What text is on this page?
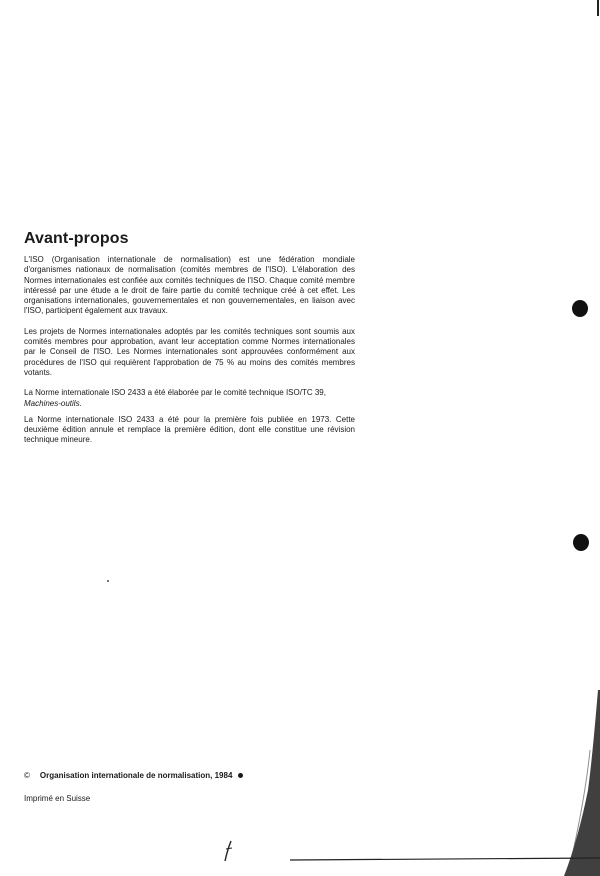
Avant-propos

L'ISO (Organisation internationale de normalisation) est une fédération mondiale d'organismes nationaux de normalisation (comités membres de l'ISO). L'élaboration des Normes internationales est confiée aux comités techniques de l'ISO. Chaque comité membre intéressé par une étude a le droit de faire partie du comité technique créé à cet effet. Les organisations internationales, gouvernementales et non gouvernementales, en liaison avec l'ISO, participent également aux travaux.

Les projets de Normes internationales adoptés par les comités techniques sont soumis aux comités membres pour approbation, avant leur acceptation comme Normes internationales par le Conseil de l'ISO. Les Normes internationales sont approuvées conformément aux procédures de l'ISO qui requièrent l'approbation de 75 % au moins des comités membres votants.

La Norme internationale ISO 2433 a été élaborée par le comité technique ISO/TC 39,
Machines-outils.

La Norme internationale ISO 2433 a été pour la première fois publiée en 1973. Cette deuxième édition annule et remplace la première édition, dont elle constitue une révision technique mineure.

© Organisation internationale de normalisation, 1984
Imprimé en Suisse
